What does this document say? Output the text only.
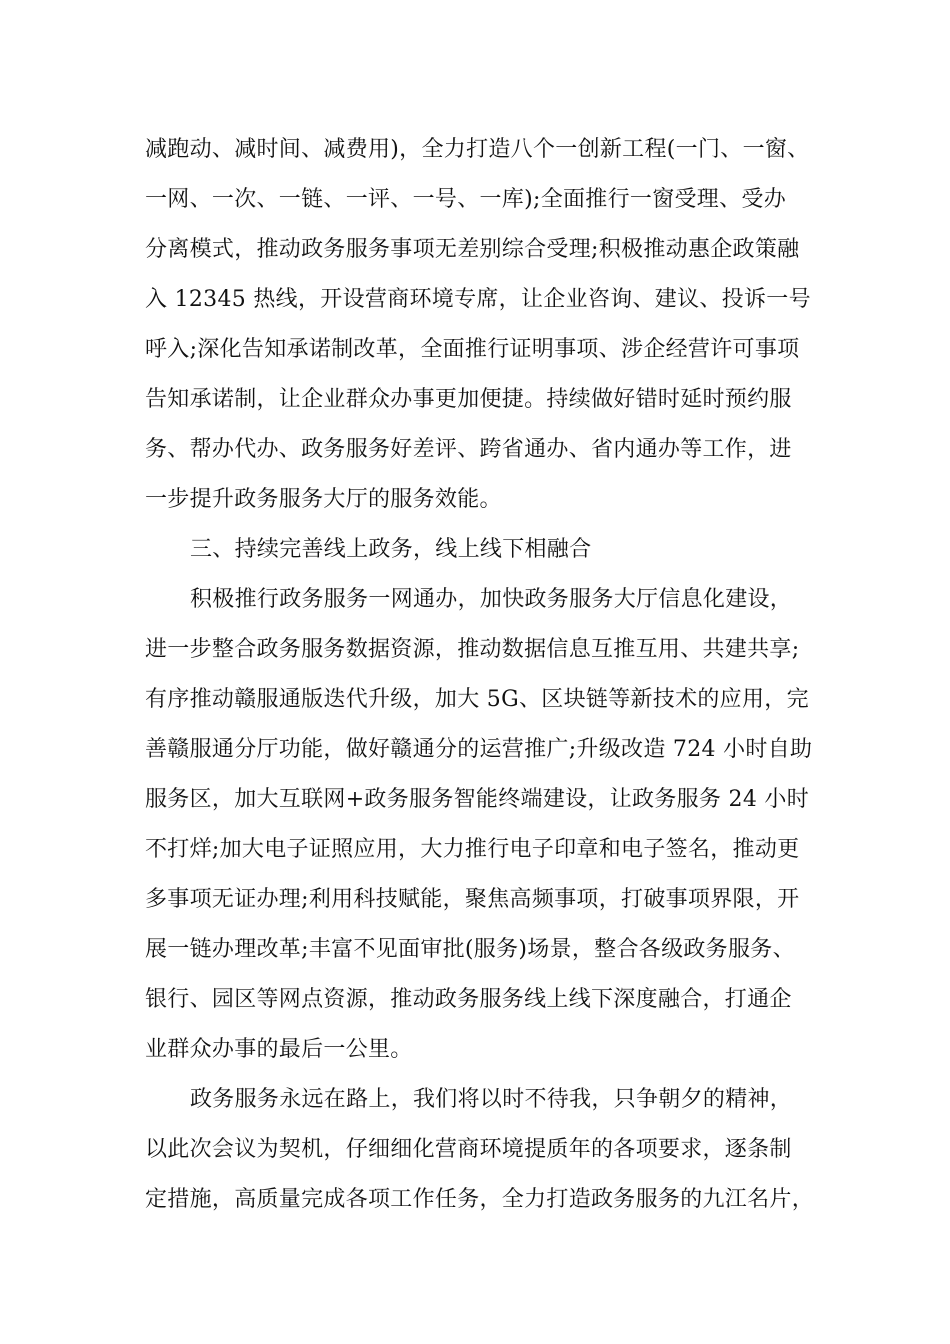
减跑动、减时间、减费用)，全力打造八个一创新工程(一门、一窗、
一网、一次、一链、一评、一号、一库);全面推行一窗受理、受办
分离模式，推动政务服务事项无差别综合受理;积极推动惠企政策融
入 12345 热线，开设营商环境专席，让企业咨询、建议、投诉一号
呼入;深化告知承诺制改革，全面推行证明事项、涉企经营许可事项
告知承诺制，让企业群众办事更加便捷。持续做好错时延时预约服
务、帮办代办、政务服务好差评、跨省通办、省内通办等工作，进
一步提升政务服务大厅的服务效能。
三、持续完善线上政务，线上线下相融合
积极推行政务服务一网通办，加快政务服务大厅信息化建设，
进一步整合政务服务数据资源，推动数据信息互推互用、共建共享;
有序推动赣服通版迭代升级，加大 5G、区块链等新技术的应用，完
善赣服通分厅功能，做好赣通分的运营推广;升级改造 724 小时自助
服务区，加大互联网+政务服务智能终端建设，让政务服务 24 小时
不打烊;加大电子证照应用，大力推行电子印章和电子签名，推动更
多事项无证办理;利用科技赋能，聚焦高频事项，打破事项界限，开
展一链办理改革;丰富不见面审批(服务)场景，整合各级政务服务、
银行、园区等网点资源，推动政务服务线上线下深度融合，打通企
业群众办事的最后一公里。
政务服务永远在路上，我们将以时不待我，只争朝夕的精神，
以此次会议为契机，仔细细化营商环境提质年的各项要求，逐条制
定措施，高质量完成各项工作任务，全力打造政务服务的九江名片，
